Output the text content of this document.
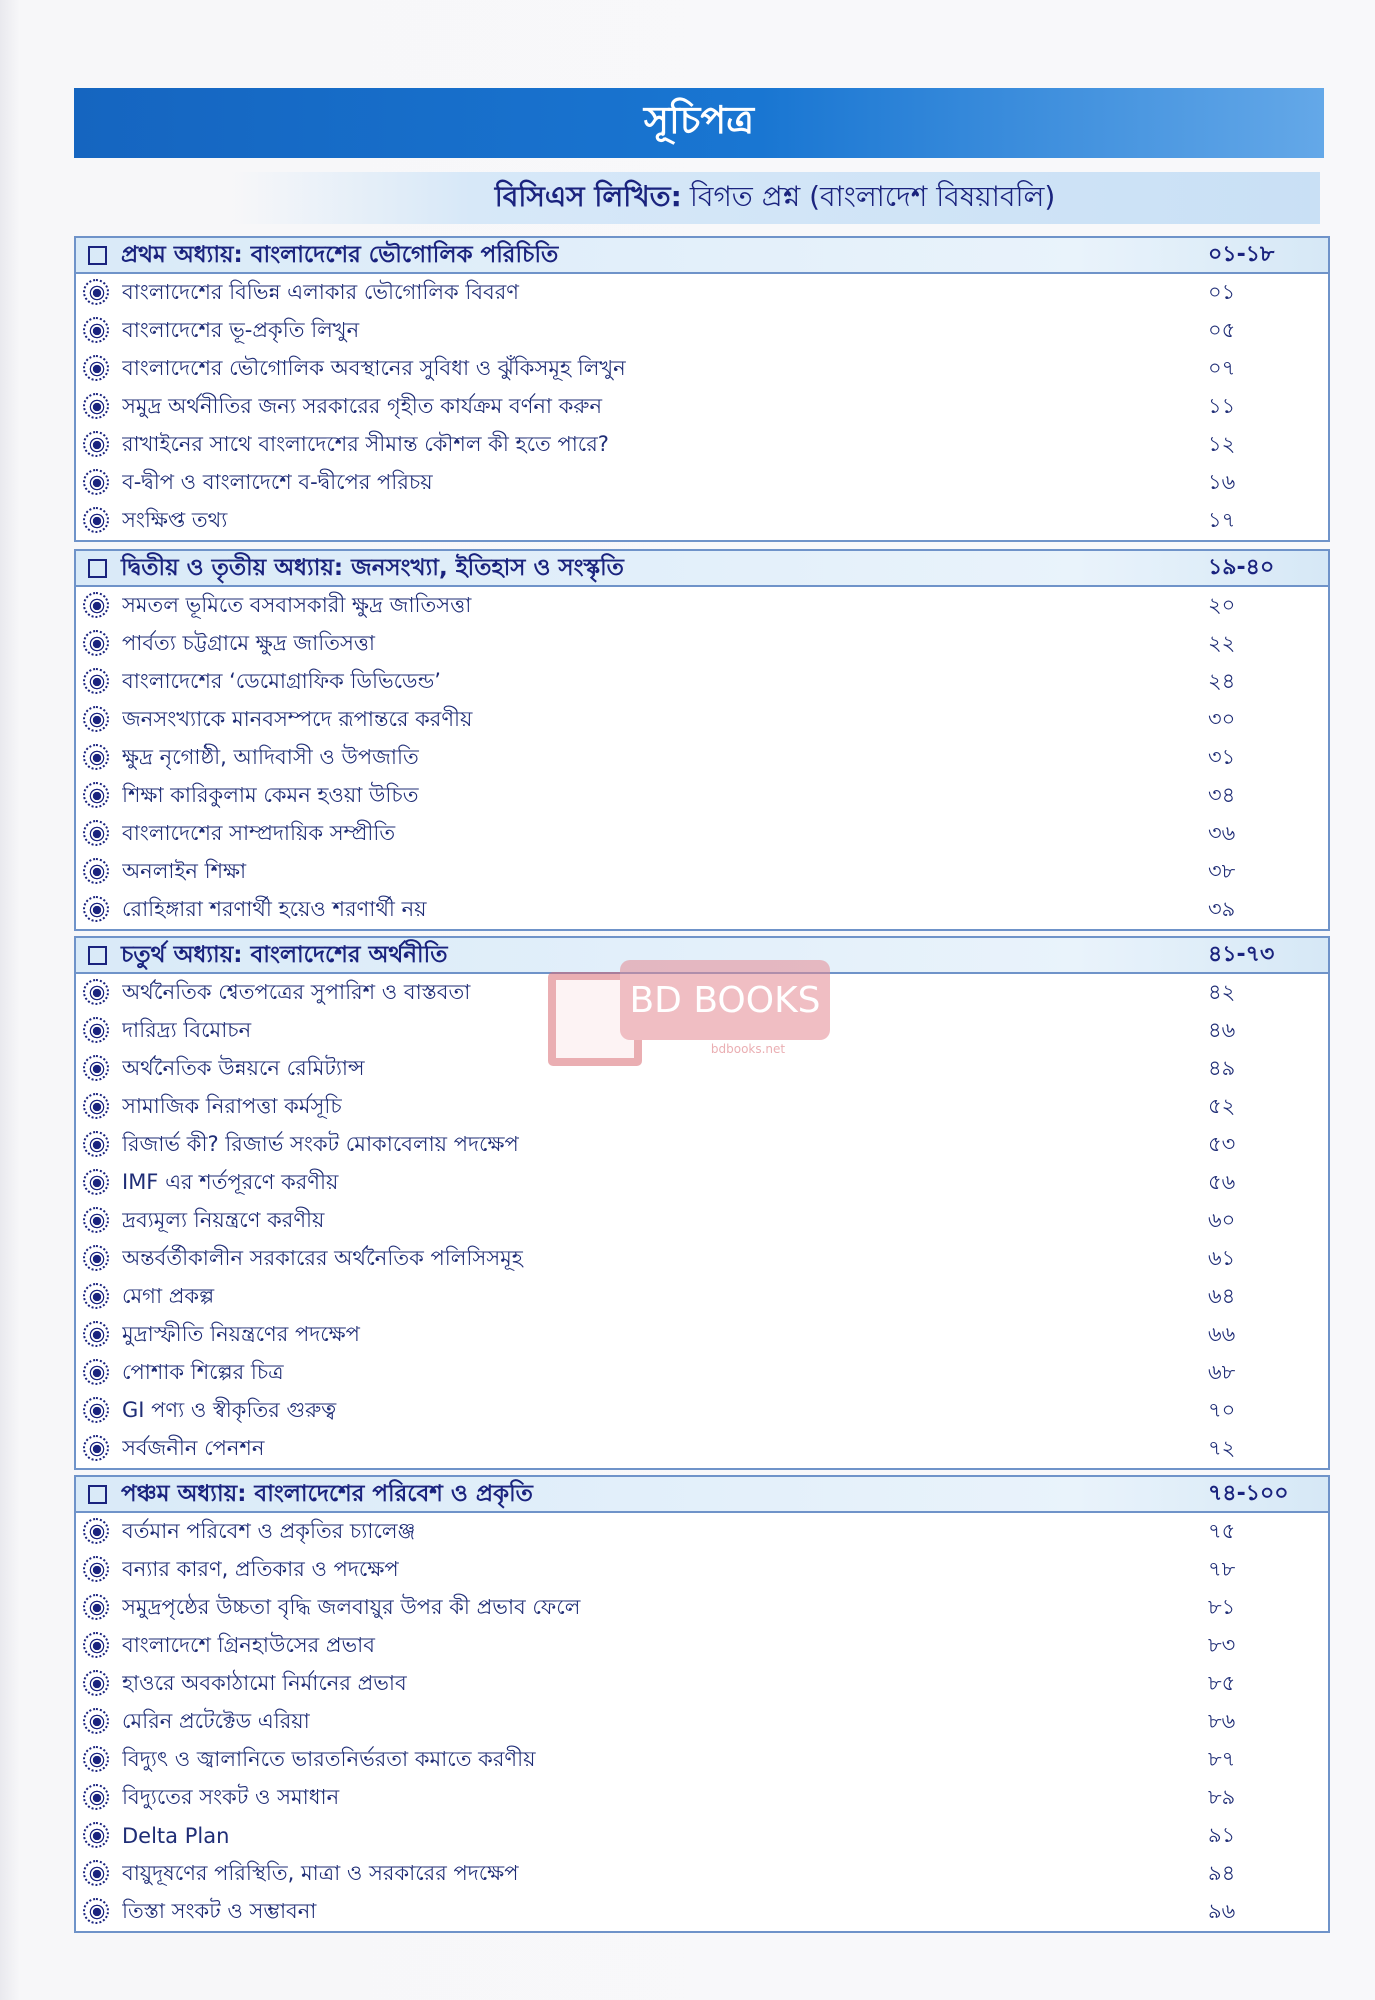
সূচিপত্র
বিসিএস লিখিত: বিগত প্রশ্ন (বাংলাদেশ বিষয়াবলি)
প্রথম অধ্যায়: বাংলাদেশের ভৌগোলিক পরিচিতি	০১-১৮
বাংলাদেশের বিভিন্ন এলাকার ভৌগোলিক বিবরণ	০১
বাংলাদেশের ভূ-প্রকৃতি লিখুন	০৫
বাংলাদেশের ভৌগোলিক অবস্থানের সুবিধা ও ঝুঁকিসমূহ লিখুন	০৭
সমুদ্র অর্থনীতির জন্য সরকারের গৃহীত কার্যক্রম বর্ণনা করুন	১১
রাখাইনের সাথে বাংলাদেশের সীমান্ত কৌশল কী হতে পারে?	১২
ব-দ্বীপ ও বাংলাদেশে ব-দ্বীপের পরিচয়	১৬
সংক্ষিপ্ত তথ্য	১৭
দ্বিতীয় ও তৃতীয় অধ্যায়: জনসংখ্যা, ইতিহাস ও সংস্কৃতি	১৯-৪০
সমতল ভূমিতে বসবাসকারী ক্ষুদ্র জাতিসত্তা	২০
পার্বত্য চট্টগ্রামে ক্ষুদ্র জাতিসত্তা	২২
বাংলাদেশের ‘ডেমোগ্রাফিক ডিভিডেন্ড’	২৪
জনসংখ্যাকে মানবসম্পদে রূপান্তরে করণীয়	৩০
ক্ষুদ্র নৃগোষ্ঠী, আদিবাসী ও উপজাতি	৩১
শিক্ষা কারিকুলাম কেমন হওয়া উচিত	৩৪
বাংলাদেশের সাম্প্রদায়িক সম্প্রীতি	৩৬
অনলাইন শিক্ষা	৩৮
রোহিঙ্গারা শরণার্থী হয়েও শরণার্থী নয়	৩৯
চতুর্থ অধ্যায়: বাংলাদেশের অর্থনীতি	৪১-৭৩
অর্থনৈতিক শ্বেতপত্রের সুপারিশ ও বাস্তবতা	৪২
দারিদ্র্য বিমোচন	৪৬
অর্থনৈতিক উন্নয়নে রেমিট্যান্স	৪৯
সামাজিক নিরাপত্তা কর্মসূচি	৫২
রিজার্ভ কী? রিজার্ভ সংকট মোকাবেলায় পদক্ষেপ	৫৩
IMF এর শর্তপূরণে করণীয়	৫৬
দ্রব্যমূল্য নিয়ন্ত্রণে করণীয়	৬০
অন্তর্বর্তীকালীন সরকারের অর্থনৈতিক পলিসিসমূহ	৬১
মেগা প্রকল্প	৬৪
মুদ্রাস্ফীতি নিয়ন্ত্রণের পদক্ষেপ	৬৬
পোশাক শিল্পের চিত্র	৬৮
GI পণ্য ও স্বীকৃতির গুরুত্ব	৭০
সর্বজনীন পেনশন	৭২
পঞ্চম অধ্যায়: বাংলাদেশের পরিবেশ ও প্রকৃতি	৭৪-১০০
বর্তমান পরিবেশ ও প্রকৃতির চ্যালেঞ্জ	৭৫
বন্যার কারণ, প্রতিকার ও পদক্ষেপ	৭৮
সমুদ্রপৃষ্ঠের উচ্চতা বৃদ্ধি জলবায়ুর উপর কী প্রভাব ফেলে	৮১
বাংলাদেশে গ্রিনহাউসের প্রভাব	৮৩
হাওরে অবকাঠামো নির্মানের প্রভাব	৮৫
মেরিন প্রটেক্টেড এরিয়া	৮৬
বিদ্যুৎ ও জ্বালানিতে ভারতনির্ভরতা কমাতে করণীয়	৮৭
বিদ্যুতের সংকট ও সমাধান	৮৯
Delta Plan	৯১
বায়ুদূষণের পরিস্থিতি, মাত্রা ও সরকারের পদক্ষেপ	৯৪
তিস্তা সংকট ও সম্ভাবনা	৯৬
BD BOOKS
bdbooks.net
